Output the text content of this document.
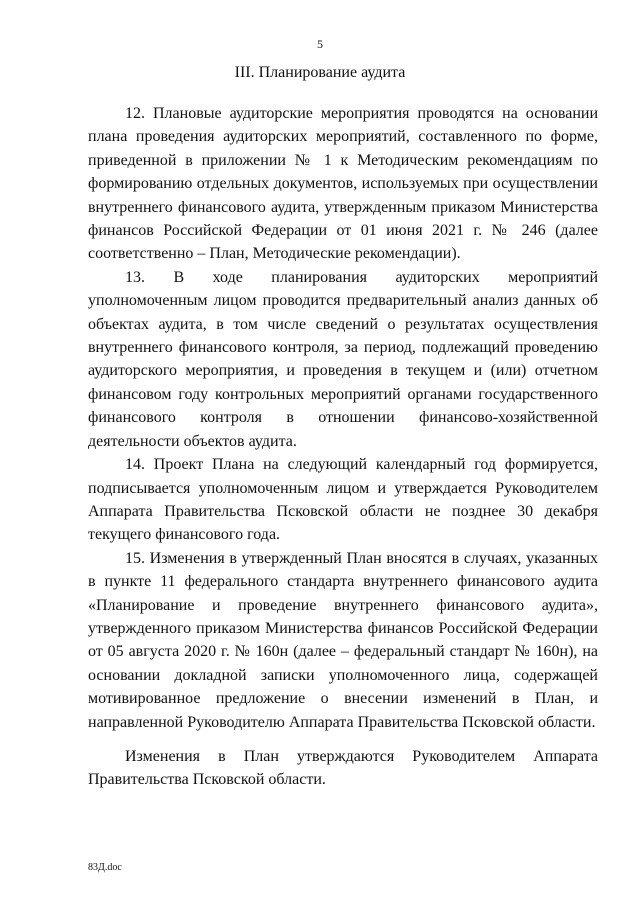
5
III. Планирование аудита

12. Плановые аудиторские мероприятия проводятся на основании плана проведения аудиторских мероприятий, составленного по форме, приведенной в приложении № 1 к Методическим рекомендациям по формированию отдельных документов, используемых при осуществлении внутреннего финансового аудита, утвержденным приказом Министерства финансов Российской Федерации от 01 июня 2021 г. № 246 (далее соответственно – План, Методические рекомендации).

13. В ходе планирования аудиторских мероприятий уполномоченным лицом проводится предварительный анализ данных об объектах аудита, в том числе сведений о результатах осуществления внутреннего финансового контроля, за период, подлежащий проведению аудиторского мероприятия, и проведения в текущем и (или) отчетном финансовом году контрольных мероприятий органами государственного финансового контроля в отношении финансово-хозяйственной деятельности объектов аудита.

14. Проект Плана на следующий календарный год формируется, подписывается уполномоченным лицом и утверждается Руководителем Аппарата Правительства Псковской области не позднее 30 декабря текущего финансового года.

15. Изменения в утвержденный План вносятся в случаях, указанных в пункте 11 федерального стандарта внутреннего финансового аудита «Планирование и проведение внутреннего финансового аудита», утвержденного приказом Министерства финансов Российской Федерации от 05 августа 2020 г. № 160н (далее – федеральный стандарт № 160н), на основании докладной записки уполномоченного лица, содержащей мотивированное предложение о внесении изменений в План, и направленной Руководителю Аппарата Правительства Псковской области.

Изменения в План утверждаются Руководителем Аппарата Правительства Псковской области.

83Д.doc
